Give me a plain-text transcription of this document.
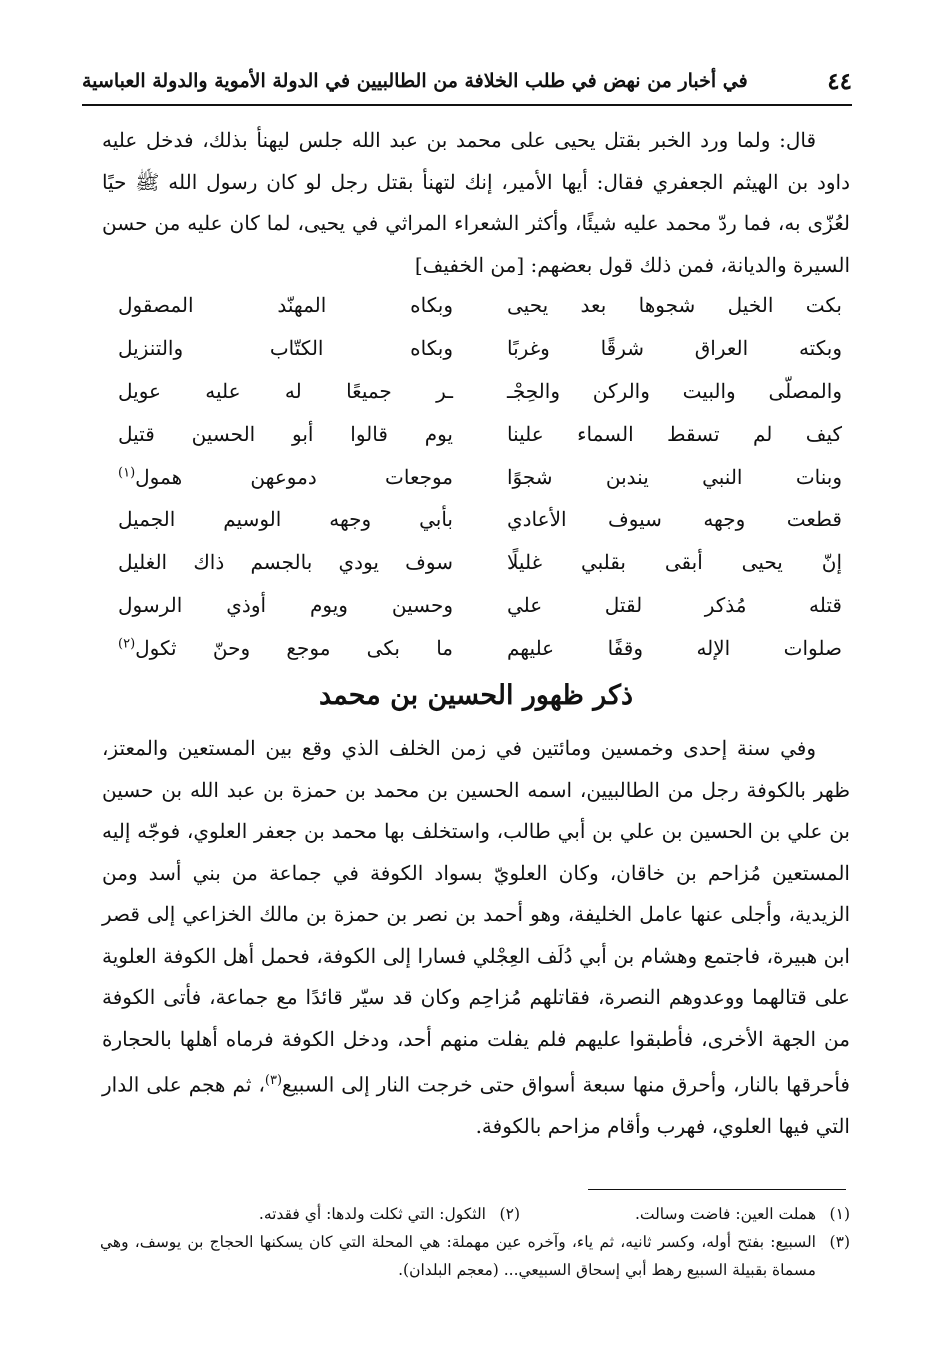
٤٤
في أخبار من نهض في طلب الخلافة من الطالبيين في الدولة الأموية والدولة العباسية

قال: ولما ورد الخبر بقتل يحيى على محمد بن عبد الله جلس ليهنأ بذلك، فدخل عليه داود بن الهيثم الجعفري فقال: أيها الأمير، إنك لتهنأ بقتل رجل لو كان رسول الله ﷺ حيًا لعُزّى به، فما ردّ محمد عليه شيئًا، وأكثر الشعراء المراثي في يحيى، لما كان عليه من حسن السيرة والديانة، فمن ذلك قول بعضهم: [من الخفيف]

بكت الخيل شجوها بعد يحيى
وبكاه المهنّد المصقول
وبكته العراق شرقًا وغربًا
وبكاه الكتّاب والتنزيل
والمصلّى والبيت والركن والحِجْـ
ـر جميعًا له عليه عويل
كيف لم تسقط السماء علينا
يوم قالوا أبو الحسين قتيل
وبنات النبي يندبن شجوًا
موجعات دموعهن همول$^{(١)}$
قطعت وجهه سيوف الأعادي
بأبي وجهه الوسيم الجميل
إنّ يحيى أبقى بقلبي غليلًا
سوف يودي بالجسم ذاك الغليل
قتله مُذكر لقتل علي
وحسين ويوم أوذي الرسول
صلوات الإله وقفًا عليهم
ما بكى موجع وحنّ ثكول$^{(٢)}$
ذكر ظهور الحسين بن محمد

وفي سنة إحدى وخمسين ومائتين في زمن الخلف الذي وقع بين المستعين والمعتز، ظهر بالكوفة رجل من الطالبيين، اسمه الحسين بن محمد بن حمزة بن عبد الله بن حسين بن علي بن الحسين بن علي بن أبي طالب، واستخلف بها محمد بن جعفر العلوي، فوجّه إليه المستعين مُزاحم بن خاقان، وكان العلويّ بسواد الكوفة في جماعة من بني أسد ومن الزيدية، وأجلى عنها عامل الخليفة، وهو أحمد بن نصر بن حمزة بن مالك الخزاعي إلى قصر ابن هبيرة، فاجتمع وهشام بن أبي دُلَف العِجْلي فسارا إلى الكوفة، فحمل أهل الكوفة العلوية على قتالهما ووعدوهم النصرة، فقاتلهم مُزاحِم وكان قد سيّر قائدًا مع جماعة، فأتى الكوفة من الجهة الأخرى، فأطبقوا عليهم فلم يفلت منهم أحد، ودخل الكوفة فرماه أهلها بالحجارة فأحرقها بالنار، وأحرق منها سبعة أسواق حتى خرجت النار إلى السبيع$^{(٣)}$، ثم هجم على الدار التي فيها العلوي، فهرب وأقام مزاحم بالكوفة.

(١)
هملت العين: فاضت وسالت.
(٢)
الثكول: التي ثكلت ولدها: أي فقدته.
(٣)
السبيع: بفتح أوله، وكسر ثانيه، ثم ياء، وآخره عين مهملة: هي المحلة التي كان يسكنها الحجاج بن يوسف، وهي مسماة بقبيلة السبيع رهط أبي إسحاق السبيعي... (معجم البلدان).
